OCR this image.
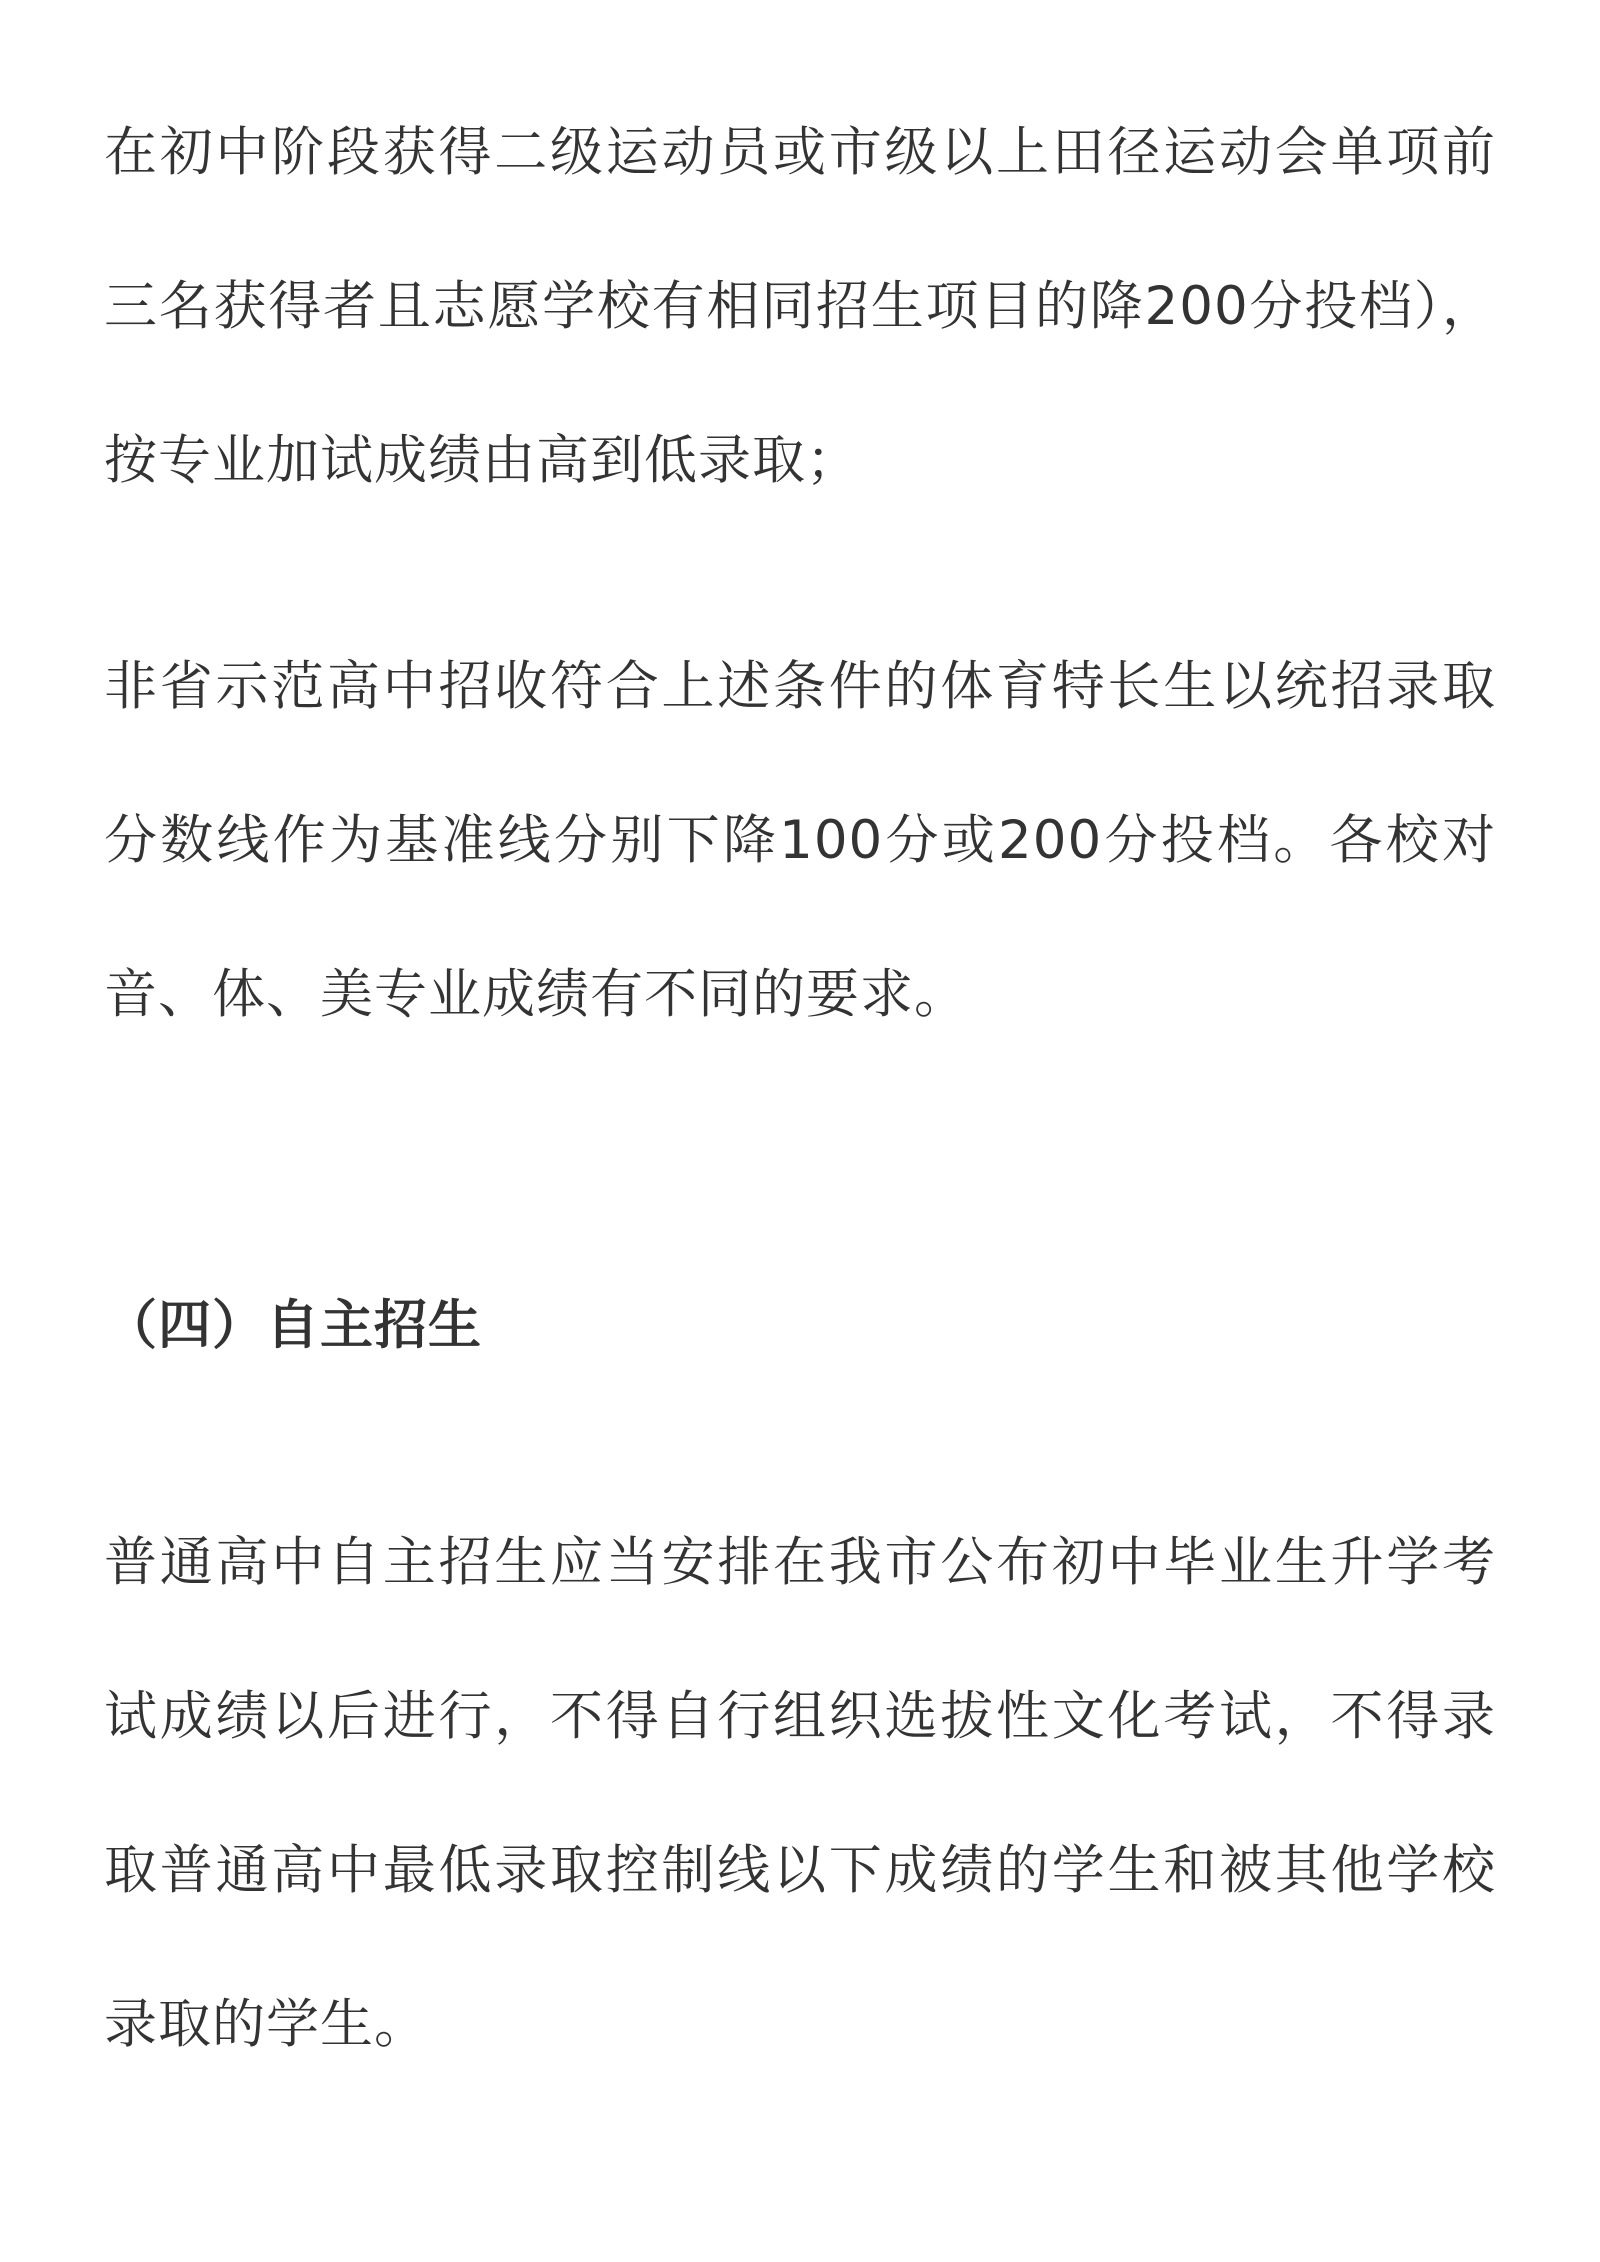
在初中阶段获得二级运动员或市级以上田径运动会单项前三名获得者且志愿学校有相同招生项目的降200分投档），按专业加试成绩由高到低录取；

非省示范高中招收符合上述条件的体育特长生以统招录取分数线作为基准线分别下降100分或200分投档。各校对音、体、美专业成绩有不同的要求。

（四）自主招生

普通高中自主招生应当安排在我市公布初中毕业生升学考试成绩以后进行，不得自行组织选拔性文化考试，不得录取普通高中最低录取控制线以下成绩的学生和被其他学校录取的学生。
